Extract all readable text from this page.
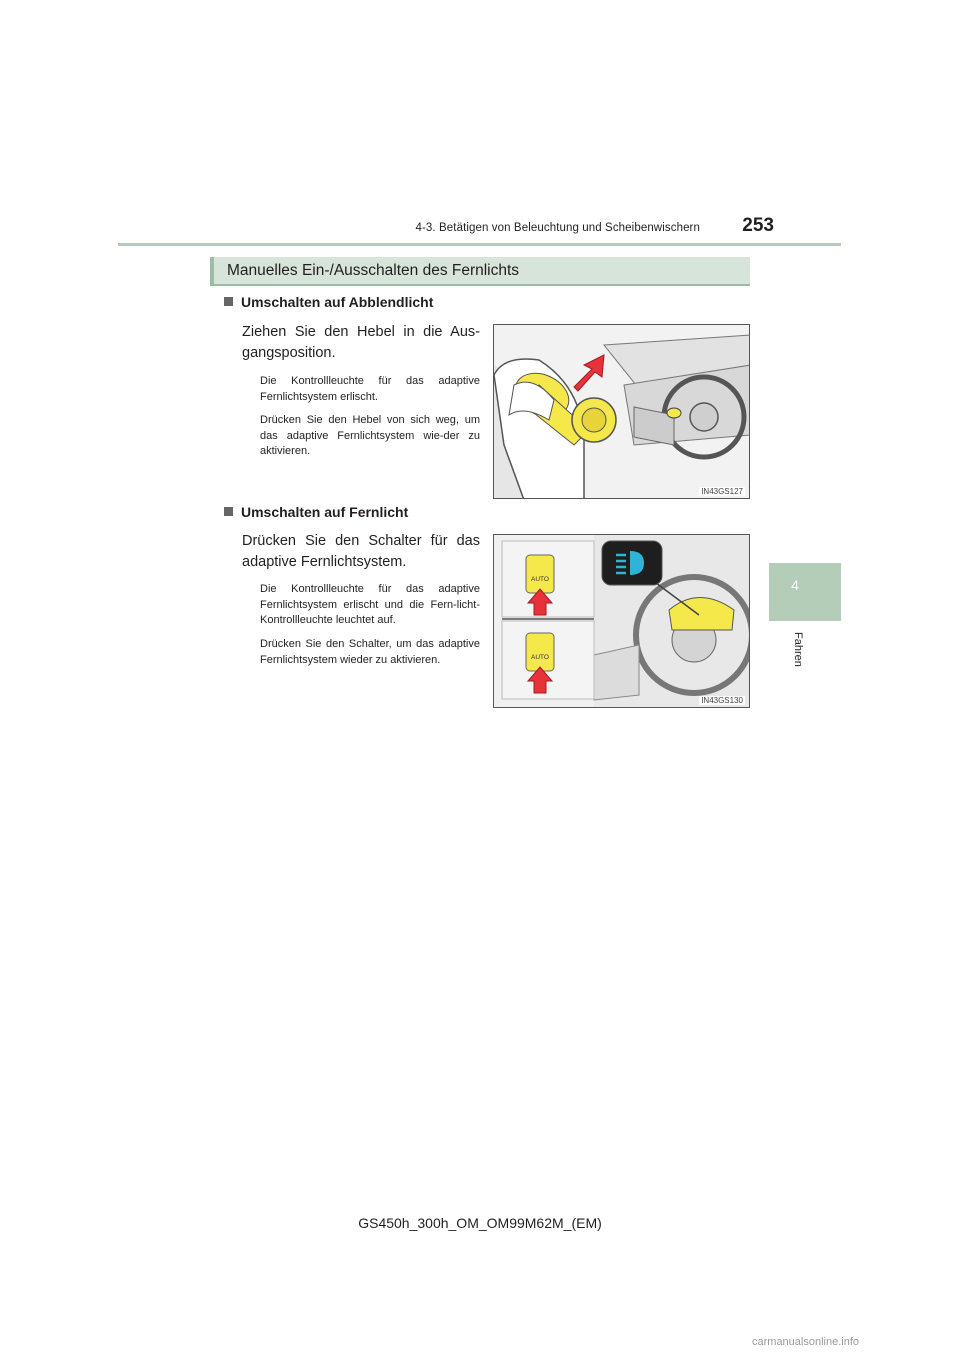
4-3. Betätigen von Beleuchtung und Scheibenwischern	253
4
Fahren
Manuelles Ein-/Ausschalten des Fernlichts
Umschalten auf Abblendlicht
Ziehen Sie den Hebel in die Aus-gangsposition.
Die Kontrollleuchte für das adaptive Fernlichtsystem erlischt.
Drücken Sie den Hebel von sich weg, um das adaptive Fernlichtsystem wie-der zu aktivieren.
IN43GS127
Umschalten auf Fernlicht
Drücken Sie den Schalter für das adaptive Fernlichtsystem.
Die Kontrollleuchte für das adaptive Fernlichtsystem erlischt und die Fern-licht-Kontrollleuchte leuchtet auf.
Drücken Sie den Schalter, um das adaptive Fernlichtsystem wieder zu aktivieren.
AUTO
AUTO
IN43GS130
GS450h_300h_OM_OM99M62M_(EM)
carmanualsonline.info
